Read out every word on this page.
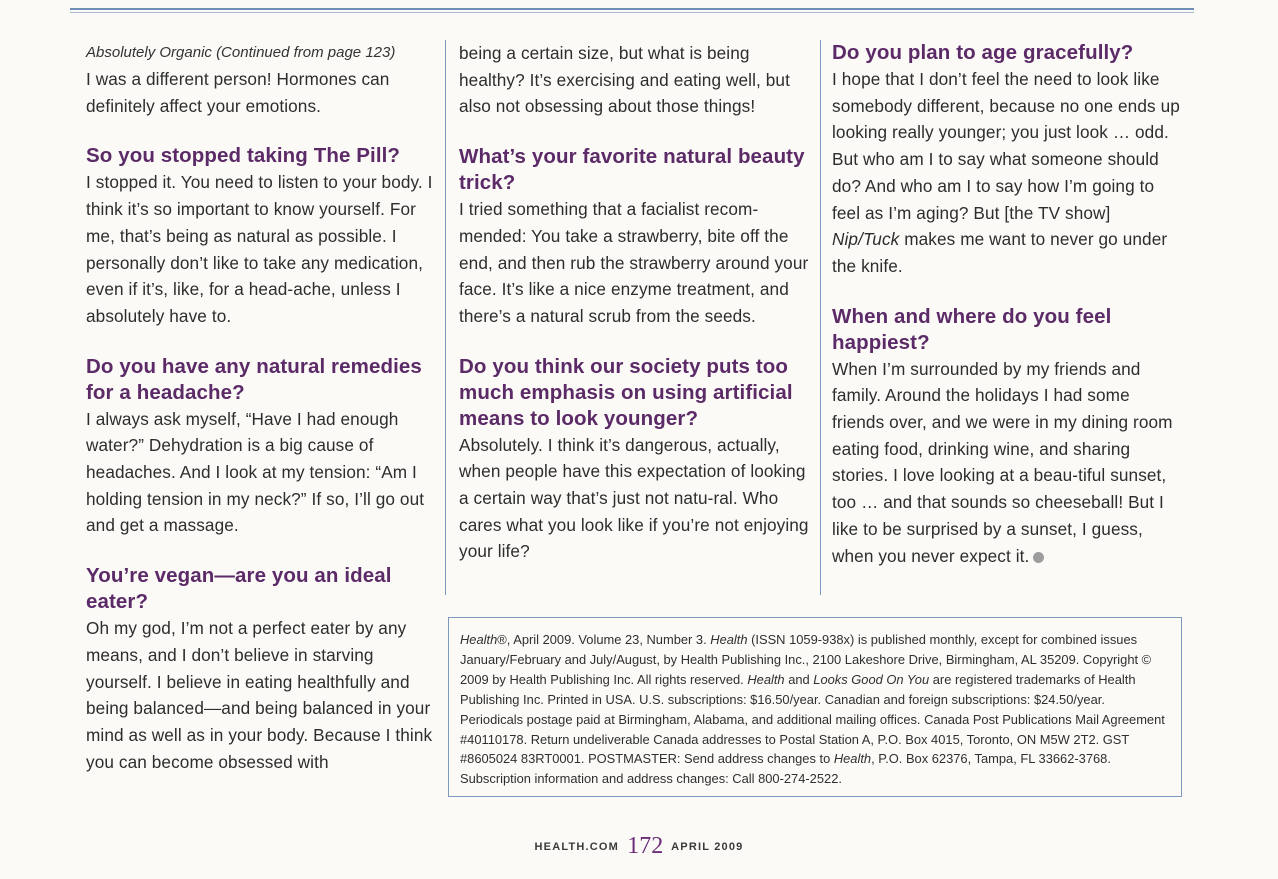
Absolutely Organic (Continued from page 123)

I was a different person! Hormones can definitely affect your emotions.

So you stopped taking The Pill?

I stopped it. You need to listen to your body. I think it’s so important to know yourself. For me, that’s being as natural as possible. I personally don’t like to take any medication, even if it’s, like, for a head-ache, unless I absolutely have to.

Do you have any natural remedies for a headache?

I always ask myself, “Have I had enough water?” Dehydration is a big cause of headaches. And I look at my tension: “Am I holding tension in my neck?” If so, I’ll go out and get a massage.

You’re vegan—are you an ideal eater?

Oh my god, I’m not a perfect eater by any means, and I don’t believe in starving yourself. I believe in eating healthfully and being balanced—and being balanced in your mind as well as in your body. Because I think you can become obsessed with

being a certain size, but what is being healthy? It’s exercising and eating well, but also not obsessing about those things!

What’s your favorite natural beauty trick?

I tried something that a facialist recom-mended: You take a strawberry, bite off the end, and then rub the strawberry around your face. It’s like a nice enzyme treatment, and there’s a natural scrub from the seeds.

Do you think our society puts too much emphasis on using artificial means to look younger?

Absolutely. I think it’s dangerous, actually, when people have this expectation of looking a certain way that’s just not natu-ral. Who cares what you look like if you’re not enjoying your life?

Do you plan to age gracefully?

I hope that I don’t feel the need to look like somebody different, because no one ends up looking really younger; you just look … odd. But who am I to say what someone should do? And who am I to say how I’m going to feel as I’m aging? But [the TV show] Nip/Tuck makes me want to never go under the knife.

When and where do you feel happiest?

When I’m surrounded by my friends and family. Around the holidays I had some friends over, and we were in my dining room eating food, drinking wine, and sharing stories. I love looking at a beau-tiful sunset, too … and that sounds so cheeseball! But I like to be surprised by a sunset, I guess, when you never expect it.

Health®, April 2009. Volume 23, Number 3. Health (ISSN 1059-938x) is published monthly, except for combined issues January/February and July/August, by Health Publishing Inc., 2100 Lakeshore Drive, Birmingham, AL 35209. Copyright © 2009 by Health Publishing Inc. All rights reserved. Health and Looks Good On You are registered trademarks of Health Publishing Inc. Printed in USA. U.S. subscriptions: $16.50/year. Canadian and foreign subscriptions: $24.50/year. Periodicals postage paid at Birmingham, Alabama, and additional mailing offices. Canada Post Publications Mail Agreement #40110178. Return undeliverable Canada addresses to Postal Station A, P.O. Box 4015, Toronto, ON M5W 2T2. GST #8605024 83RT0001. POSTMASTER: Send address changes to Health, P.O. Box 62376, Tampa, FL 33662-3768. Subscription information and address changes: Call 800-274-2522.

HEALTH.COM 172 APRIL 2009
